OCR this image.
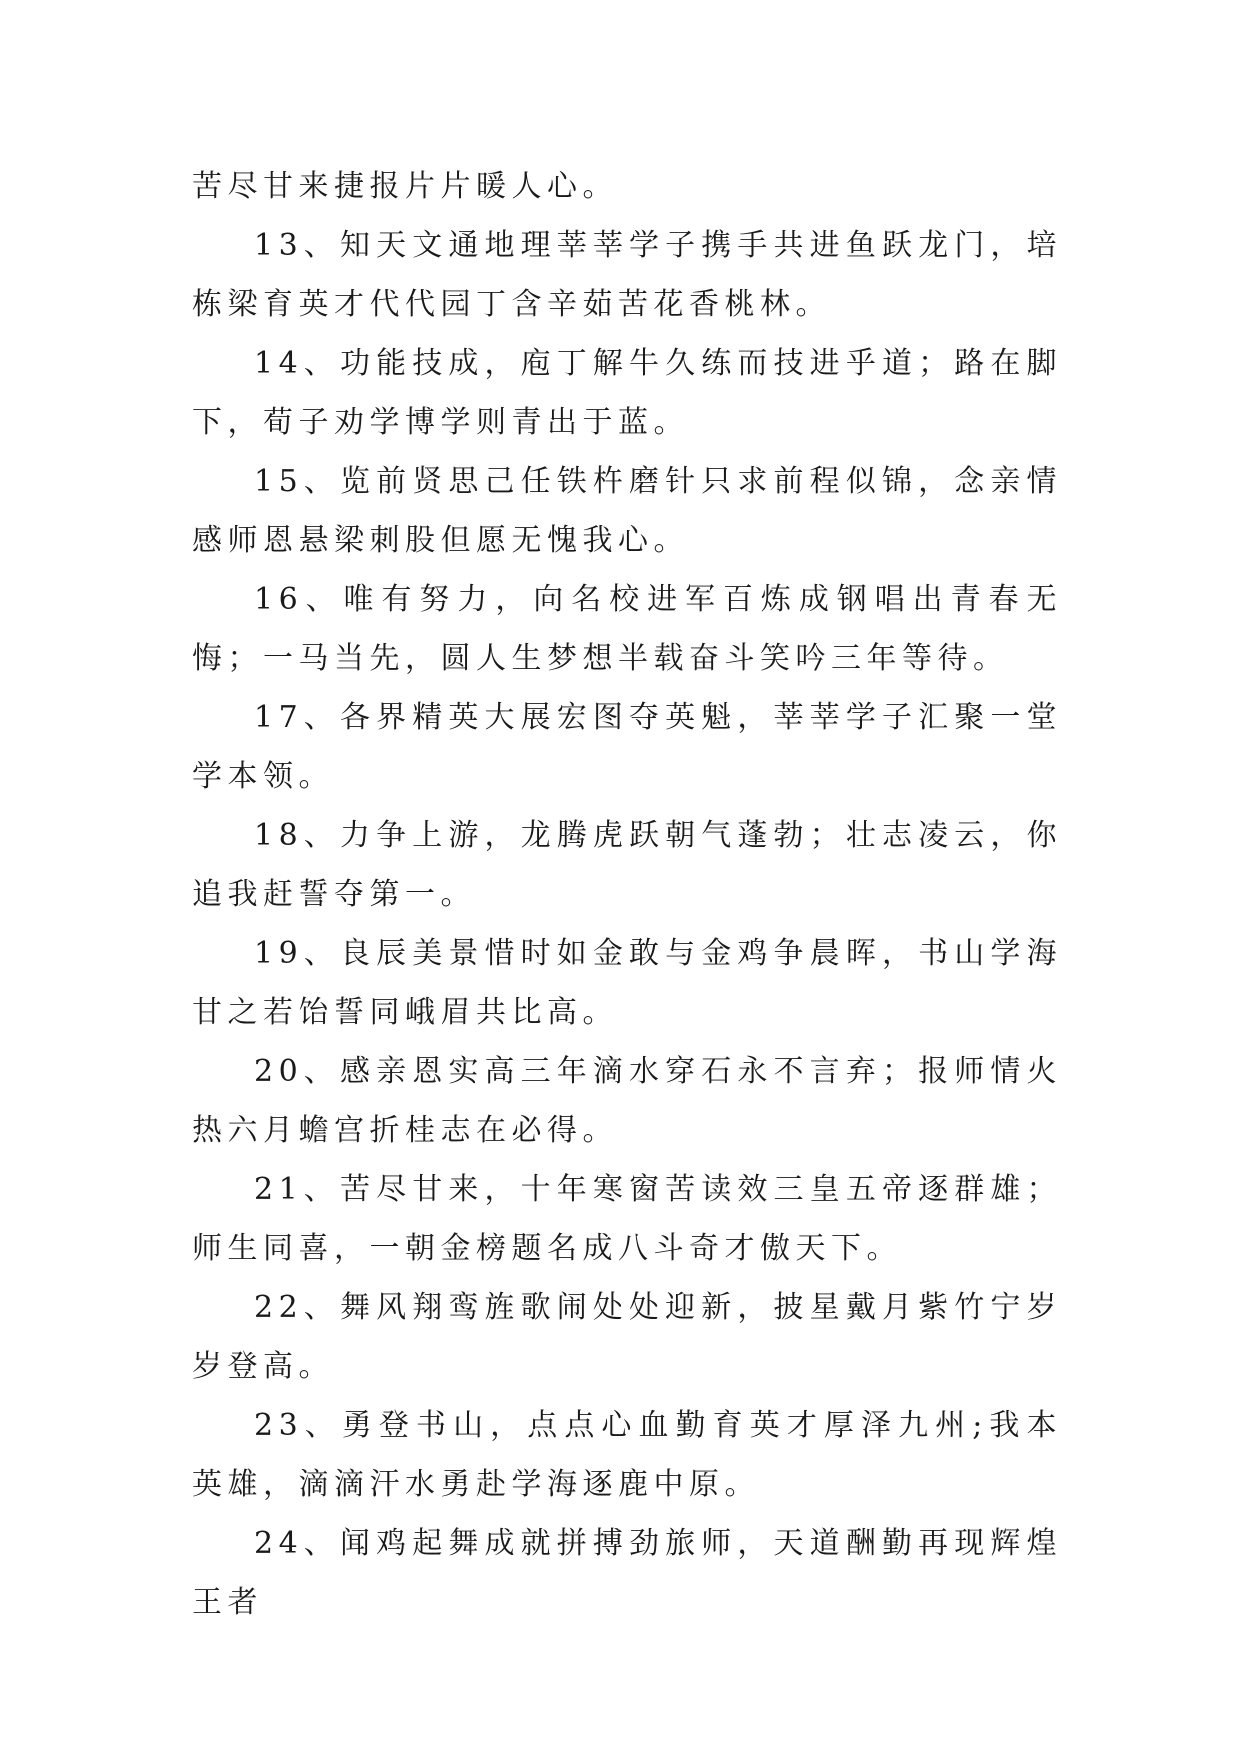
苦尽甘来捷报片片暖人心。

13、知天文通地理莘莘学子携手共进鱼跃龙门，培栋梁育英才代代园丁含辛茹苦花香桃林。

14、功能技成，庖丁解牛久练而技进乎道；路在脚下，荀子劝学博学则青出于蓝。

15、览前贤思己任铁杵磨针只求前程似锦，念亲情感师恩悬梁刺股但愿无愧我心。

16、唯有努力，向名校进军百炼成钢唱出青春无悔；一马当先，圆人生梦想半载奋斗笑吟三年等待。

17、各界精英大展宏图夺英魁，莘莘学子汇聚一堂学本领。

18、力争上游，龙腾虎跃朝气蓬勃；壮志凌云，你追我赶誓夺第一。

19、良辰美景惜时如金敢与金鸡争晨晖，书山学海甘之若饴誓同峨眉共比高。

20、感亲恩实高三年滴水穿石永不言弃；报师情火热六月蟾宫折桂志在必得。

21、苦尽甘来，十年寒窗苦读效三皇五帝逐群雄；师生同喜，一朝金榜题名成八斗奇才傲天下。

22、舞风翔鸾旌歌闹处处迎新，披星戴月紫竹宁岁岁登高。

23、勇登书山，点点心血勤育英才厚泽九州;我本英雄，滴滴汗水勇赴学海逐鹿中原。

24、闻鸡起舞成就拼搏劲旅师，天道酬勤再现辉煌王者
